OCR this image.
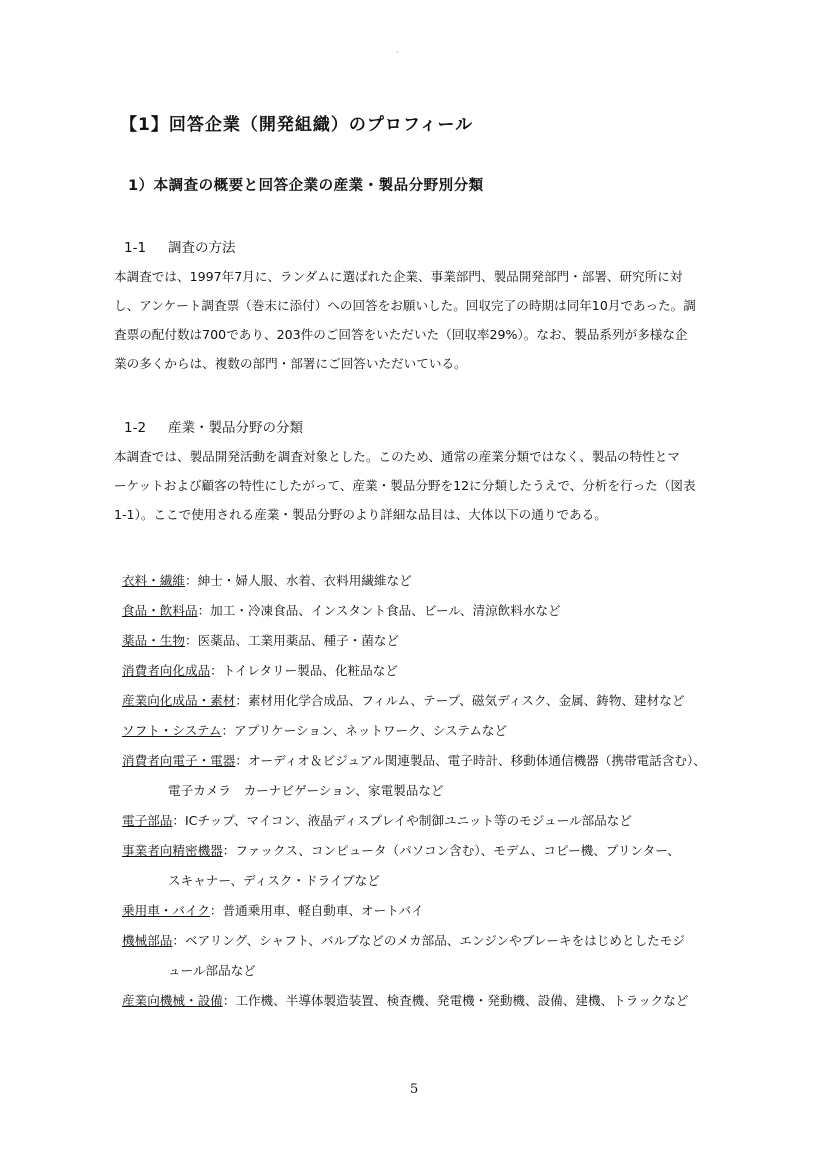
·
【1】回答企業（開発組織）のプロフィール
1）本調査の概要と回答企業の産業・製品分野別分類
1-1 調査の方法
本調査では、1997年7月に、ランダムに選ばれた企業、事業部門、製品開発部門・部署、研究所に対
し、アンケート調査票（巻末に添付）への回答をお願いした。回収完了の時期は同年10月であった。調
査票の配付数は700であり、203件のご回答をいただいた（回収率29%）。なお、製品系列が多様な企
業の多くからは、複数の部門・部署にご回答いただいている。
1-2 産業・製品分野の分類
本調査では、製品開発活動を調査対象とした。このため、通常の産業分類ではなく、製品の特性とマ
ーケットおよび顧客の特性にしたがって、産業・製品分野を12に分類したうえで、分析を行った（図表
1-1）。ここで使用される産業・製品分野のより詳細な品目は、大体以下の通りである。
衣料・繊維：紳士・婦人服、水着、衣料用繊維など
食品・飲料品：加工・冷凍食品、インスタント食品、ビール、清涼飲料水など
薬品・生物：医薬品、工業用薬品、種子・菌など
消費者向化成品：トイレタリー製品、化粧品など
産業向化成品・素材：素材用化学合成品、フィルム、テープ、磁気ディスク、金属、鋳物、建材など
ソフト・システム：アプリケーション、ネットワーク、システムなど
消費者向電子・電器：オーディオ＆ビジュアル関連製品、電子時計、移動体通信機器（携帯電話含む）、
電子カメラ　カーナビゲーション、家電製品など
電子部品：ICチップ、マイコン、液晶ディスプレイや制御ユニット等のモジュール部品など
事業者向精密機器：ファックス、コンピュータ（パソコン含む）、モデム、コピー機、プリンター、
スキャナー、ディスク・ドライブなど
乗用車・バイク：普通乗用車、軽自動車、オートバイ
機械部品：ベアリング、シャフト、バルブなどのメカ部品、エンジンやブレーキをはじめとしたモジ
ュール部品など
産業向機械・設備：工作機、半導体製造装置、検査機、発電機・発動機、設備、建機、トラックなど
5
